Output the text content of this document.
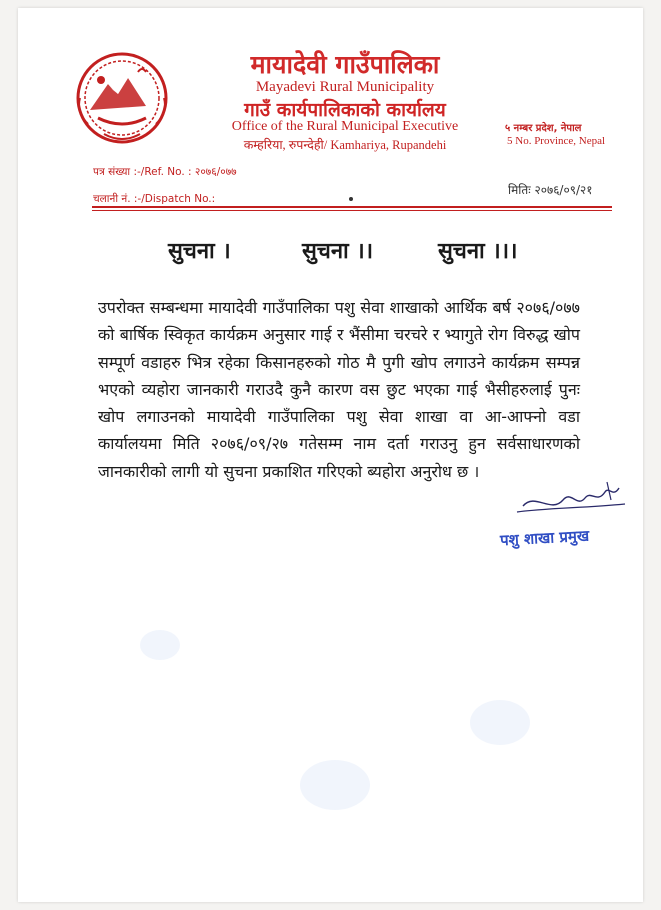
मायादेवी गाउँपालिका
Mayadevi Rural Municipality
गाउँ कार्यपालिकाको कार्यालय
Office of the Rural Municipal Executive
कम्हरिया, रुपन्देही/ Kamhariya, Rupandehi
५ नम्बर प्रदेश, नेपाल
5 No. Province, Nepal
पत्र संख्या :-/Ref. No. : २०७६/०७७
चलानी नं. :-/Dispatch No.:
मितिः २०७६/०९/२१
सुचना ।	सुचना ।।	सुचना ।।।
उपरोक्त सम्बन्धमा मायादेवी गाउँपालिका पशु सेवा शाखाको आर्थिक बर्ष २०७६/०७७ को बार्षिक स्विकृत कार्यक्रम अनुसार गाई र भैंसीमा चरचरे र भ्यागुते रोग विरुद्ध खोप सम्पूर्ण वडाहरु भित्र रहेका किसानहरुको गोठ मै पुगी खोप लगाउने कार्यक्रम सम्पन्न भएको व्यहोरा जानकारी गराउदै कुनै कारण वस छुट भएका गाई भैसीहरुलाई पुनः खोप लगाउनको मायादेवी गाउँपालिका पशु सेवा शाखा वा आ-आफ्नो वडा कार्यालयमा मिति २०७६/०९/२७ गतेसम्म नाम दर्ता गराउनु हुन सर्वसाधारणको जानकारीको लागी यो सुचना प्रकाशित गरिएको ब्यहोरा अनुरोध छ ।
पशु शाखा प्रमुख
